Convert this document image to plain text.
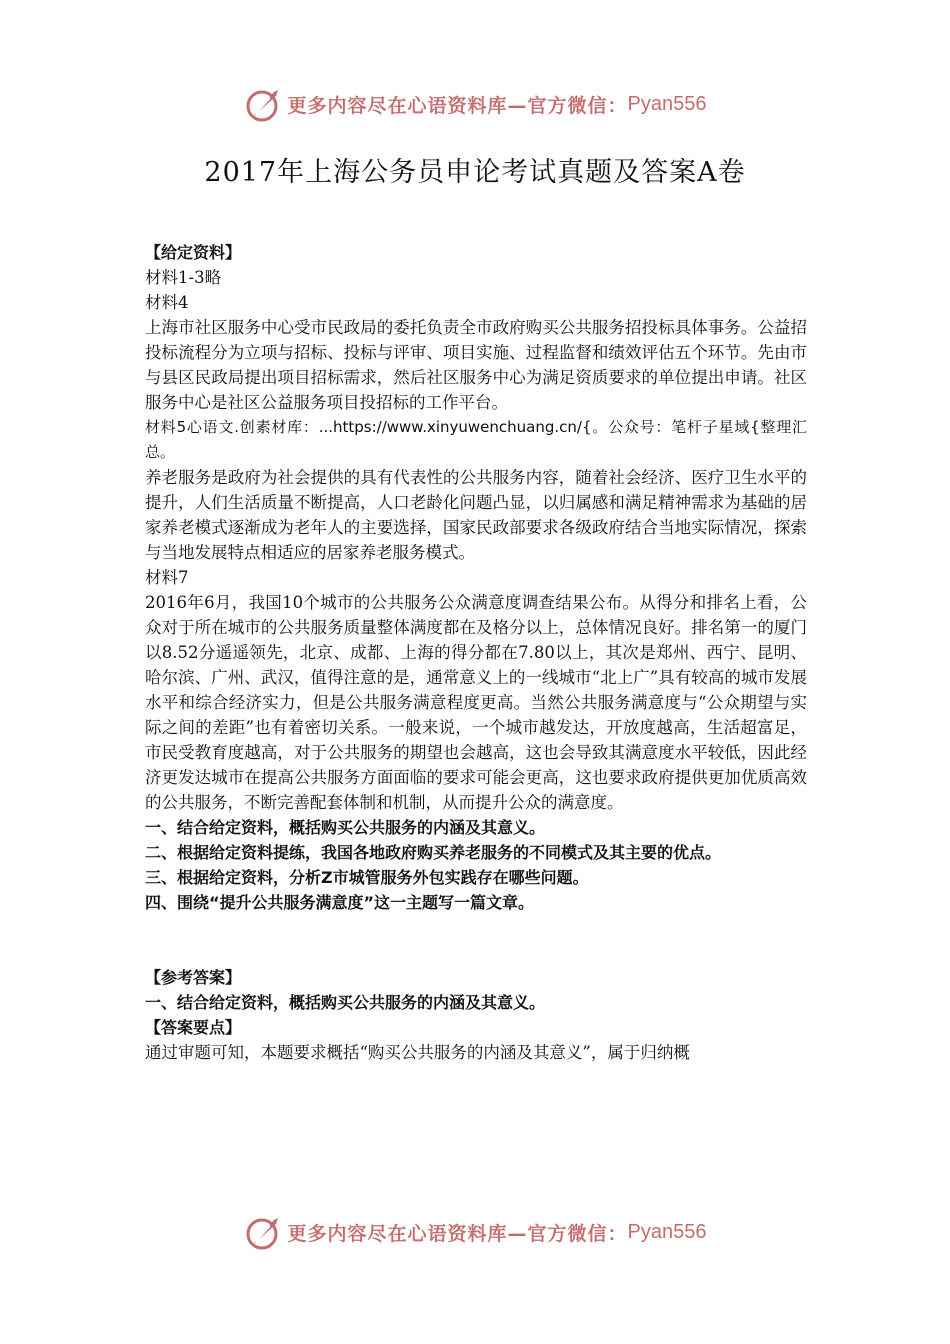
更多内容尽在心语资料库—官方微信： Pyan556
2017年上海公务员申论考试真题及答案A卷

【给定资料】

材料1-3略

材料4

上海市社区服务中心受市民政局的委托负责全市政府购买公共服务招投标具体事务。公益招投标流程分为立项与招标、投标与评审、项目实施、过程监督和绩效评估五个环节。先由市与县区民政局提出项目招标需求，然后社区服务中心为满足资质要求的单位提出申请。社区服务中心是社区公益服务项目投招标的工作平台。

材料5心语文.创素材库：...https://www.xinyuwenchuang.cn/{。公众号：笔杆子星域{整理汇总。

养老服务是政府为社会提供的具有代表性的公共服务内容，随着社会经济、医疗卫生水平的提升，人们生活质量不断提高，人口老龄化问题凸显，以归属感和满足精神需求为基础的居家养老模式逐渐成为老年人的主要选择，国家民政部要求各级政府结合当地实际情况，探索与当地发展特点相适应的居家养老服务模式。

材料7

2016年6月，我国10个城市的公共服务公众满意度调查结果公布。从得分和排名上看，公众对于所在城市的公共服务质量整体满度都在及格分以上，总体情况良好。排名第一的厦门以8.52分遥遥领先，北京、成都、上海的得分都在7.80以上，其次是郑州、西宁、昆明、哈尔滨、广州、武汉，值得注意的是，通常意义上的一线城市“北上广”具有较高的城市发展水平和综合经济实力，但是公共服务满意程度更高。当然公共服务满意度与“公众期望与实际之间的差距”也有着密切关系。一般来说，一个城市越发达，开放度越高，生活超富足，市民受教育度越高，对于公共服务的期望也会越高，这也会导致其满意度水平较低，因此经济更发达城市在提高公共服务方面面临的要求可能会更高，这也要求政府提供更加优质高效的公共服务，不断完善配套体制和机制，从而提升公众的满意度。

一、结合给定资料，概括购买公共服务的内涵及其意义。

二、根据给定资料提练，我国各地政府购买养老服务的不同模式及其主要的优点。

三、根据给定资料，分析Z市城管服务外包实践存在哪些问题。

四、围绕“提升公共服务满意度”这一主题写一篇文章。

【参考答案】

一、结合给定资料，概括购买公共服务的内涵及其意义。

【答案要点】

通过审题可知，本题要求概括“购买公共服务的内涵及其意义”，属于归纳概

更多内容尽在心语资料库—官方微信： Pyan556
